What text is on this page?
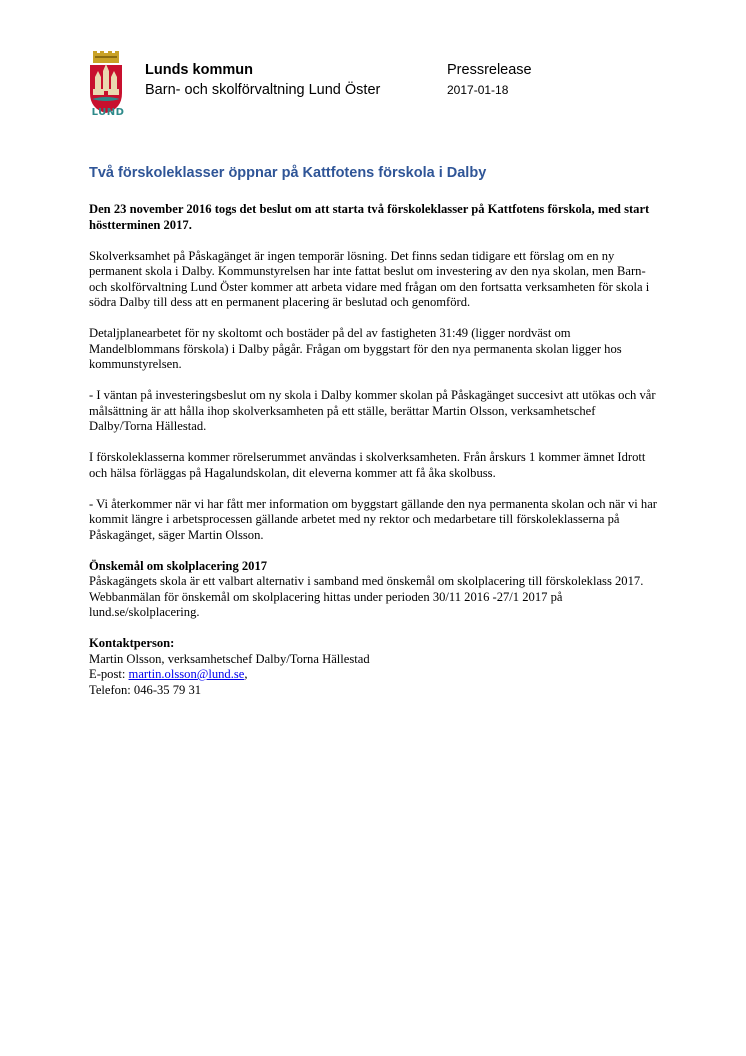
LUND
Lunds kommun
Barn- och skolförvaltning Lund Öster
Pressrelease
2017-01-18
Två förskoleklasser öppnar på Kattfotens förskola i Dalby

Den 23 november 2016 togs det beslut om att starta två förskoleklasser på Kattfotens förskola, med start höstterminen 2017.

Skolverksamhet på Påskagänget är ingen temporär lösning. Det finns sedan tidigare ett förslag om en ny permanent skola i Dalby. Kommunstyrelsen har inte fattat beslut om investering av den nya skolan, men Barn-och skolförvaltning Lund Öster kommer att arbeta vidare med frågan om den fortsatta verksamheten för skola i södra Dalby till dess att en permanent placering är beslutad och genomförd.

Detaljplanearbetet för ny skoltomt och bostäder på del av fastigheten 31:49 (ligger nordväst om Mandelblommans förskola) i Dalby pågår. Frågan om byggstart för den nya permanenta skolan ligger hos kommunstyrelsen.

- I väntan på investeringsbeslut om ny skola i Dalby kommer skolan på Påskagänget succesivt att utökas och vår målsättning är att hålla ihop skolverksamheten på ett ställe, berättar Martin Olsson, verksamhetschef Dalby/Torna Hällestad.

I förskoleklasserna kommer rörelserummet användas i skolverksamheten. Från årskurs 1 kommer ämnet Idrott och hälsa förläggas på Hagalundskolan, dit eleverna kommer att få åka skolbuss.

- Vi återkommer när vi har fått mer information om byggstart gällande den nya permanenta skolan och när vi har kommit längre i arbetsprocessen gällande arbetet med ny rektor och medarbetare till förskoleklasserna på Påskagänget, säger Martin Olsson.

Önskemål om skolplacering 2017
Påskagängets skola är ett valbart alternativ i samband med önskemål om skolplacering till förskoleklass 2017. Webbanmälan för önskemål om skolplacering hittas under perioden 30/11 2016 -27/1 2017 på lund.se/skolplacering.

Kontaktperson:
Martin Olsson, verksamhetschef Dalby/Torna Hällestad
E-post: martin.olsson@lund.se,
Telefon: 046-35 79 31
